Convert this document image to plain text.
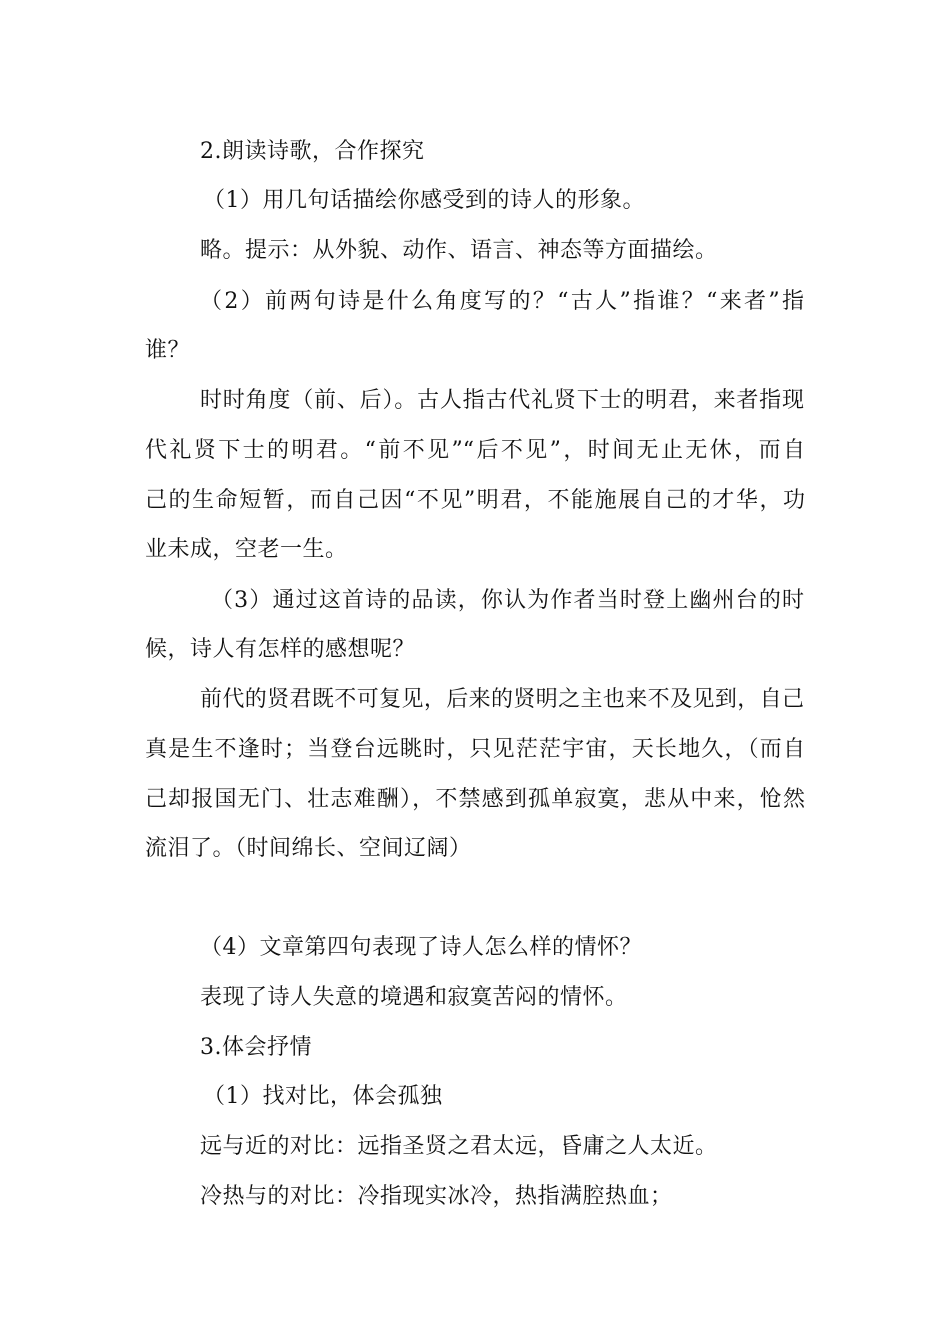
2.朗读诗歌，合作探究
（1）用几句话描绘你感受到的诗人的形象。
略。提示：从外貌、动作、语言、神态等方面描绘。
（2）前两句诗是什么角度写的？“古人”指谁？“来者”指
谁？
时时角度（前、后）。古人指古代礼贤下士的明君，来者指现
代礼贤下士的明君。“前不见”“后不见”，时间无止无休，而自
己的生命短暂，而自己因“不见”明君，不能施展自己的才华，功
业未成，空老一生。
（3）通过这首诗的品读，你认为作者当时登上幽州台的时
候，诗人有怎样的感想呢？
前代的贤君既不可复见，后来的贤明之主也来不及见到，自己
真是生不逢时；当登台远眺时，只见茫茫宇宙，天长地久，（而自
己却报国无门、壮志难酬），不禁感到孤单寂寞，悲从中来，怆然
流泪了。（时间绵长、空间辽阔）
（4）文章第四句表现了诗人怎么样的情怀？
表现了诗人失意的境遇和寂寞苦闷的情怀。
3.体会抒情
（1）找对比，体会孤独
远与近的对比：远指圣贤之君太远，昏庸之人太近。
冷热与的对比：冷指现实冰冷，热指满腔热血；
